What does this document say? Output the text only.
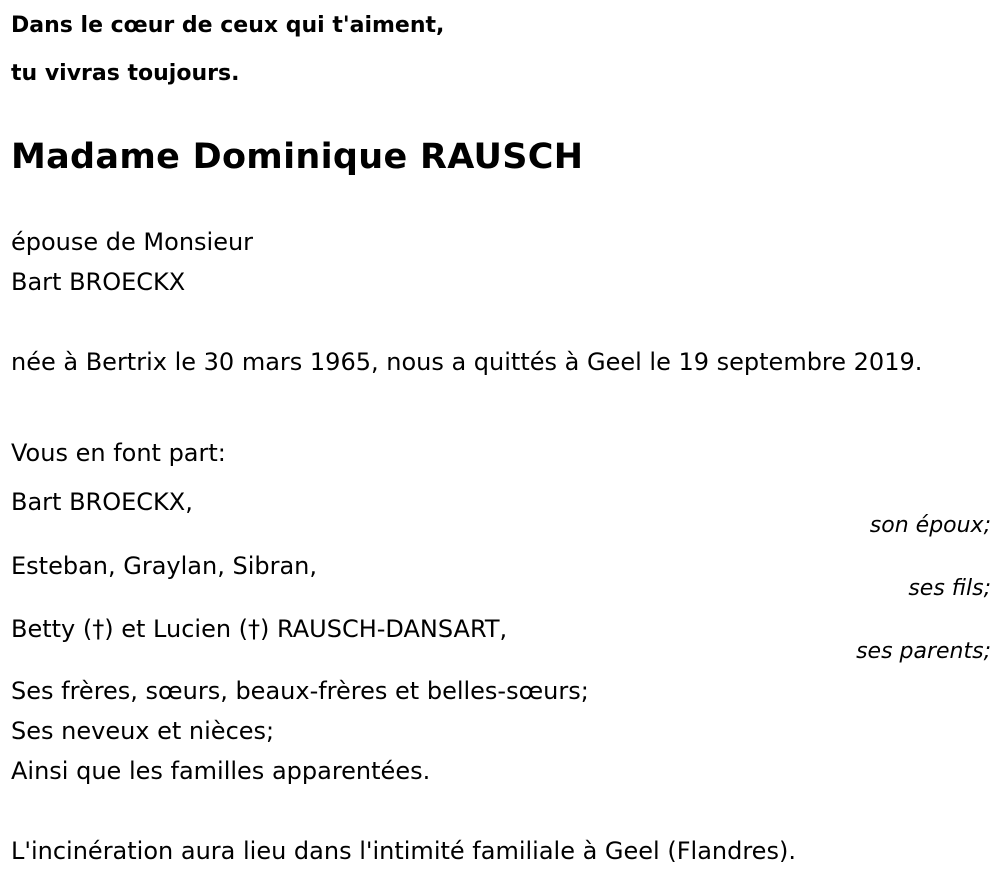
Dans le cœur de ceux qui t'aiment,

tu vivras toujours.

Madame Dominique RAUSCH

épouse de Monsieur

Bart BROECKX

née à Bertrix le 30 mars 1965, nous a quittés à Geel le 19 septembre 2019.

Vous en font part:

Bart BROECKX,

son époux;

Esteban, Graylan, Sibran,

ses fils;

Betty (†) et Lucien (†) RAUSCH-DANSART,

ses parents;

Ses frères, sœurs, beaux-frères et belles-sœurs;

Ses neveux et nièces;

Ainsi que les familles apparentées.

L'incinération aura lieu dans l'intimité familiale à Geel (Flandres).
